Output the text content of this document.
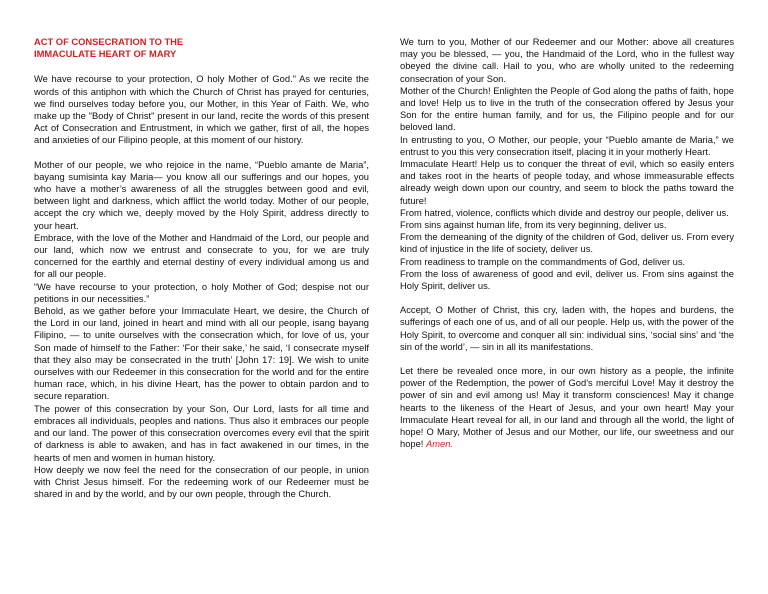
ACT OF CONSECRATION TO THE
IMMACULATE HEART OF MARY

We have recourse to your protection, O holy Mother of God." As we recite the words of this antiphon with which the Church of Christ has prayed for centuries, we find ourselves today before you, our Mother, in this Year of Faith. We, who make up the "Body of Christ" present in our land, recite the words of this present Act of Consecration and Entrustment, in which we gather, first of all, the hopes and anxieties of our Filipino people, at this moment of our history.

Mother of our people, we who rejoice in the name, “Pueblo amante de Maria”, bayang sumisinta kay Maria— you know all our sufferings and our hopes, you who have a mother’s awareness of all the struggles between good and evil, between light and darkness, which afflict the world today. Mother of our people, accept the cry which we, deeply moved by the Holy Spirit, address directly to your heart.

Embrace, with the love of the Mother and Handmaid of the Lord, our people and our land, which now we entrust and consecrate to you, for we are truly concerned for the earthly and eternal destiny of every individual among us and for all our people.

“We have recourse to your protection, o holy Mother of God; despise not our petitions in our necessities.”

Behold, as we gather before your Immaculate Heart, we desire, the Church of the Lord in our land, joined in heart and mind with all our people, isang bayang Filipino, — to unite ourselves with the consecration which, for love of us, your Son made of himself to the Father: ‘For their sake,’ he said, ‘I consecrate myself that they also may be consecrated in the truth’ [John 17: 19]. We wish to unite ourselves with our Redeemer in this consecration for the world and for the entire human race, which, in his divine Heart, has the power to obtain pardon and to secure reparation.

The power of this consecration by your Son, Our Lord, lasts for all time and embraces all individuals, peoples and nations. Thus also it embraces our people and our land. The power of this consecration overcomes every evil that the spirit of darkness is able to awaken, and has in fact awakened in our times, in the hearts of men and women in human history.

How deeply we now feel the need for the consecration of our people, in union with Christ Jesus himself. For the redeeming work of our Redeemer must be shared in and by the world, and by our own people, through the Church.

We turn to you, Mother of our Redeemer and our Mother: above all creatures may you be blessed, — you, the Handmaid of the Lord, who in the fullest way obeyed the divine call. Hail to you, who are wholly united to the redeeming consecration of your Son.

Mother of the Church! Enlighten the People of God along the paths of faith, hope and love! Help us to live in the truth of the consecration offered by Jesus your Son for the entire human family, and for us, the Filipino people and for our beloved land.

In entrusting to you, O Mother, our people, your “Pueblo amante de Maria,” we entrust to you this very consecration itself, placing it in your motherly Heart.

Immaculate Heart! Help us to conquer the threat of evil, which so easily enters and takes root in the hearts of people today, and whose immeasurable effects already weigh down upon our country, and seem to block the paths toward the future!

From hatred, violence, conflicts which divide and destroy our people, deliver us.

From sins against human life, from its very beginning, deliver us.

From the demeaning of the dignity of the children of God, deliver us. From every kind of injustice in the life of society, deliver us.

From readiness to trample on the commandments of God, deliver us.

From the loss of awareness of good and evil, deliver us. From sins against the Holy Spirit, deliver us.

Accept, O Mother of Christ, this cry, laden with, the hopes and burdens, the sufferings of each one of us, and of all our people. Help us, with the power of the Holy Spirit, to overcome and conquer all sin: individual sins, ‘social sins’ and ‘the sin of the world’, — sin in all its manifestations.

Let there be revealed once more, in our own history as a people, the infinite power of the Redemption, the power of God’s merciful Love! May it destroy the power of sin and evil among us! May it transform consciences! May it change hearts to the likeness of the Heart of Jesus, and your own heart! May your Immaculate Heart reveal for all, in our land and through all the world, the light of hope! O Mary, Mother of Jesus and our Mother, our life, our sweetness and our hope! Amen.
